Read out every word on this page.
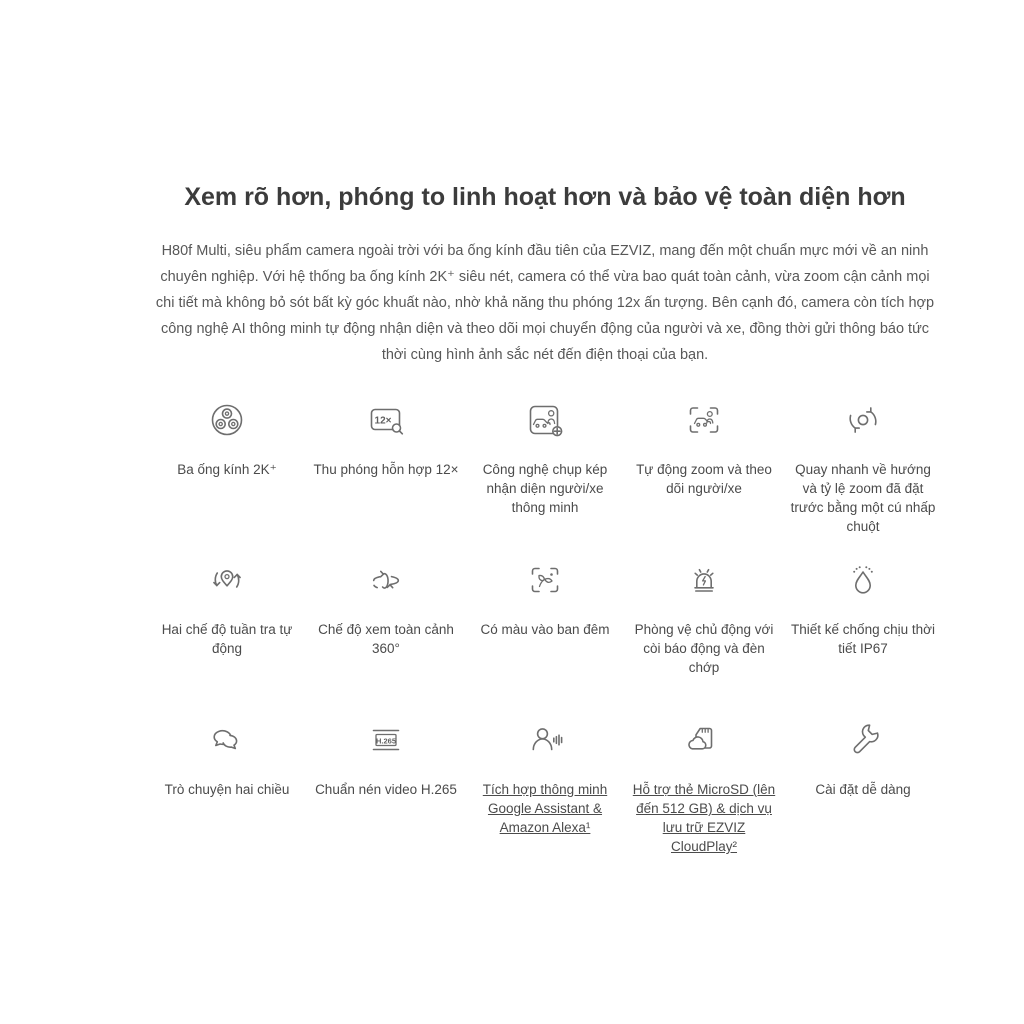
Xem rõ hơn, phóng to linh hoạt hơn và bảo vệ toàn diện hơn

H80f Multi, siêu phẩm camera ngoài trời với ba ống kính đầu tiên của EZVIZ, mang đến một chuẩn mực mới về an ninh chuyên nghiệp. Với hệ thống ba ống kính 2K⁺ siêu nét, camera có thể vừa bao quát toàn cảnh, vừa zoom cận cảnh mọi chi tiết mà không bỏ sót bất kỳ góc khuất nào, nhờ khả năng thu phóng 12x ấn tượng. Bên cạnh đó, camera còn tích hợp công nghệ AI thông minh tự động nhận diện và theo dõi mọi chuyển động của người và xe, đồng thời gửi thông báo tức thời cùng hình ảnh sắc nét đến điện thoại của bạn.

Ba ống kính 2K⁺
12×
Thu phóng hỗn hợp 12×	Công nghệ chụp kép nhận diện người/xe thông minh
Tự động zoom và theo dõi người/xe
Quay nhanh về hướng và tỷ lệ zoom đã đặt trước bằng một cú nhấp chuột
Hai chế độ tuần tra tự động
Chế độ xem toàn cảnh 360°
Có màu vào ban đêm	Phòng vệ chủ động với còi báo động và đèn chớp
Thiết kế chống chịu thời tiết IP67
Trò chuyện hai chiều
H.265
Chuẩn nén video H.265	Tích hợp thông minh Google Assistant & Amazon Alexa¹
Hỗ trợ thẻ MicroSD (lên đến 512 GB) & dịch vụ lưu trữ EZVIZ CloudPlay²
Cài đặt dễ dàng
